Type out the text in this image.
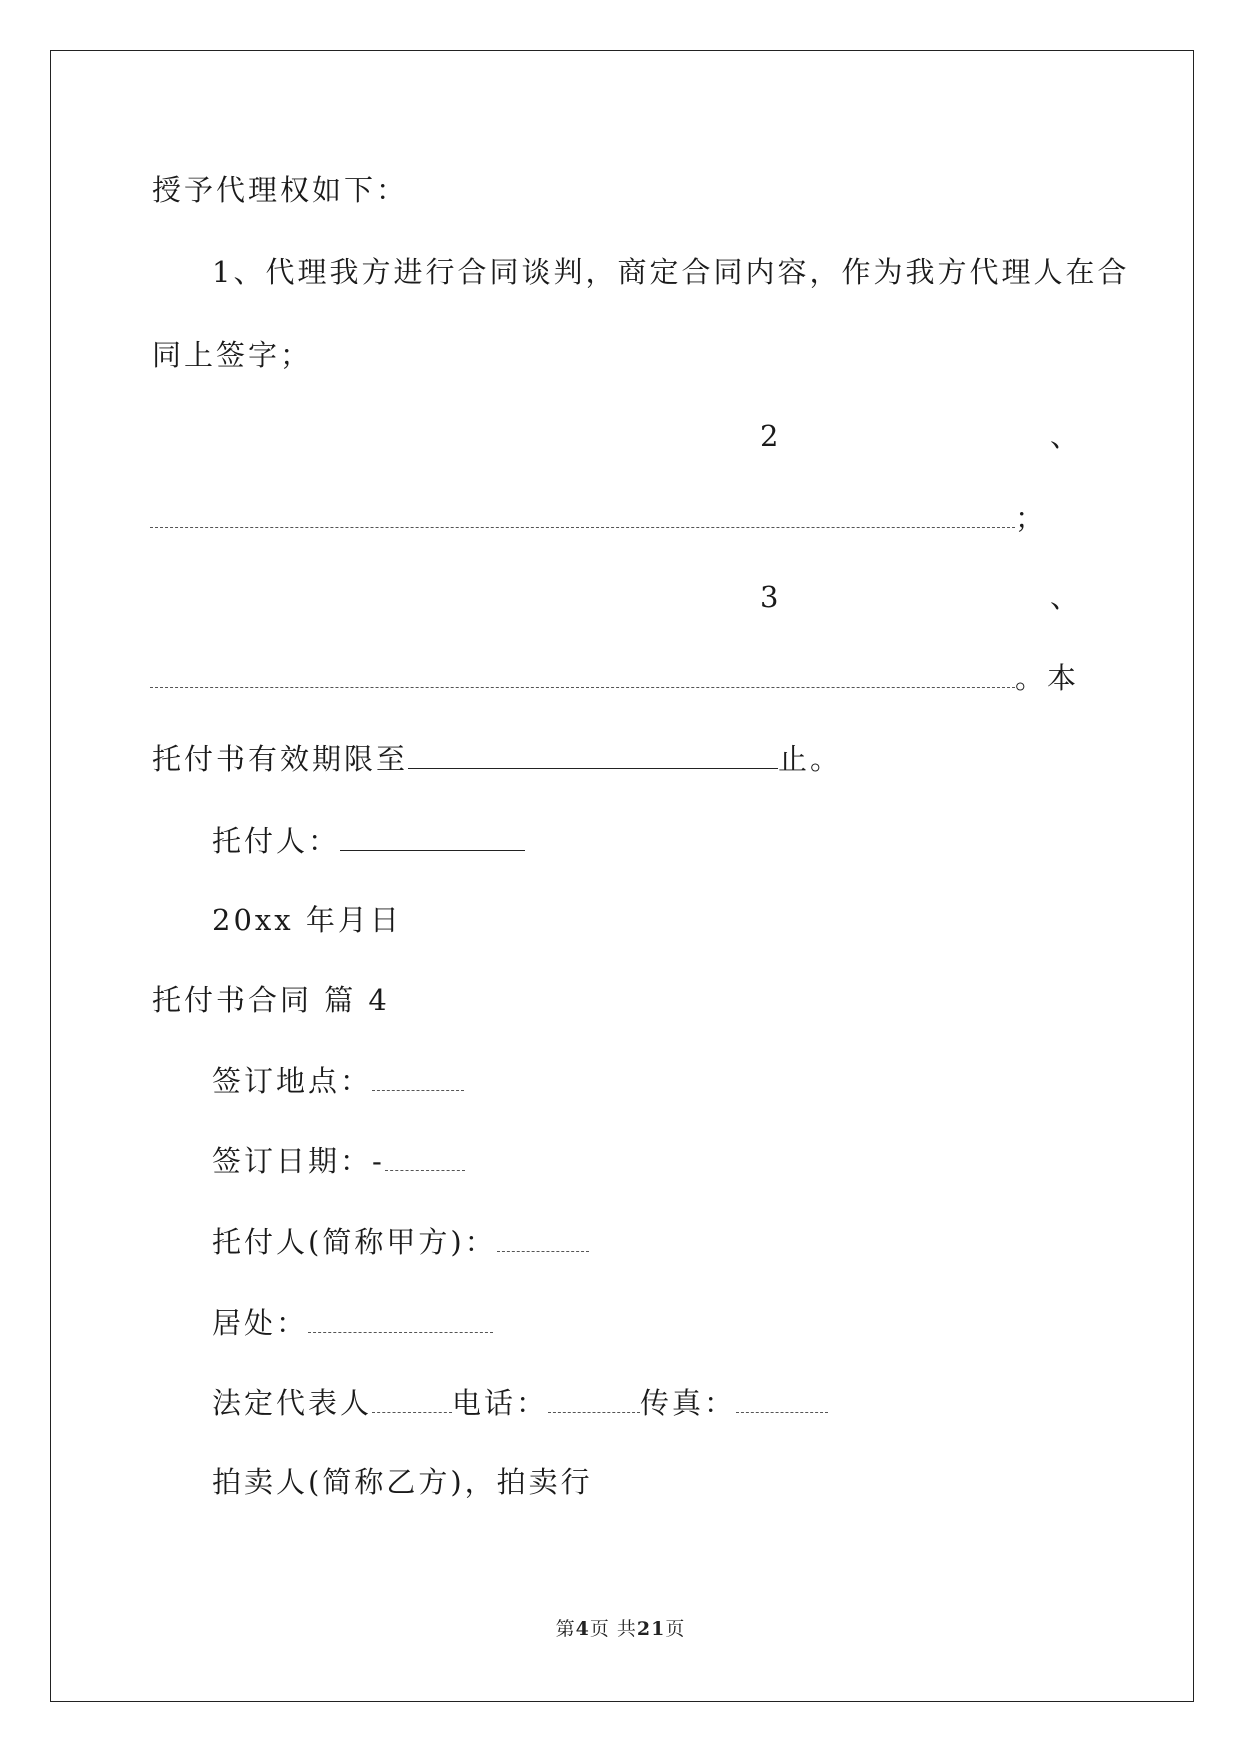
授予代理权如下：
1、代理我方进行合同谈判，商定合同内容，作为我方代理人在合
同上签字；
2	、
；
3	、
。本
托付书有效期限至	止。
托付人：
20xx 年月日
托付书合同 篇 4
签订地点：
签订日期：-
托付人(简称甲方)：
居处：
法定代表人	电话：	传真：
拍卖人(简称乙方)，拍卖行
第4页 共21页
